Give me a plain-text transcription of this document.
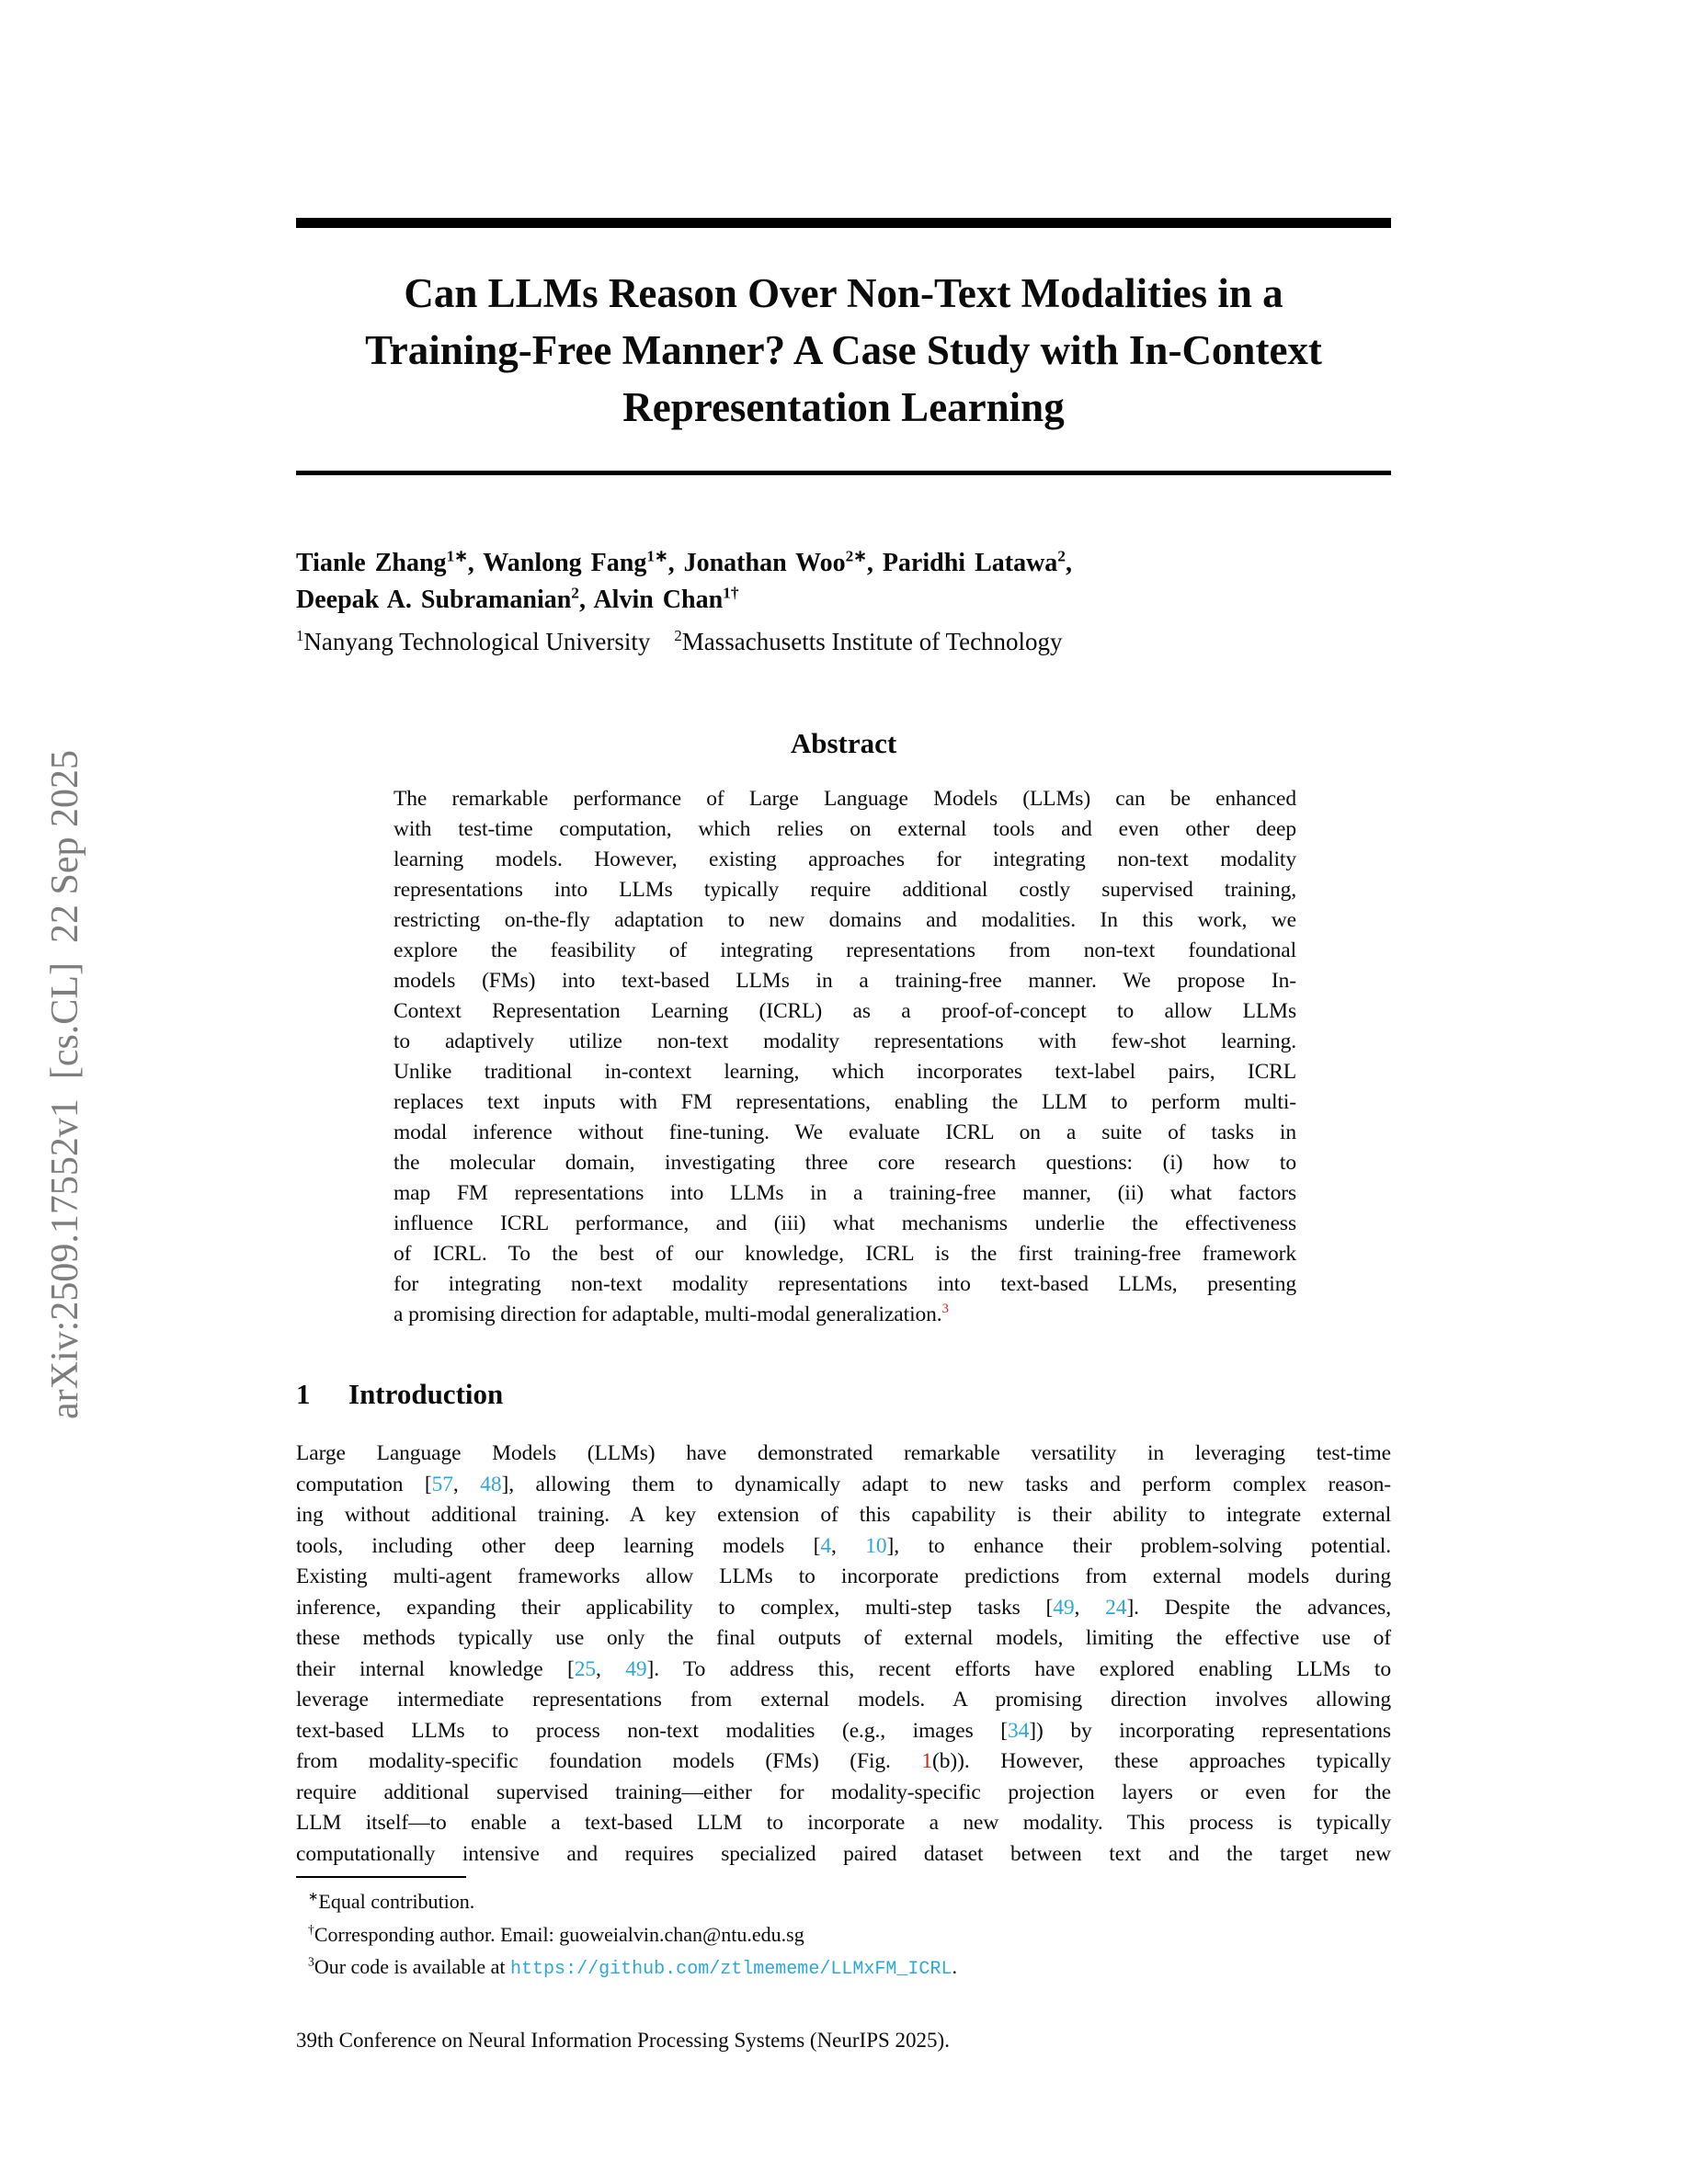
arXiv:2509.17552v1  [cs.CL]  22 Sep 2025
Can LLMs Reason Over Non-Text Modalities in a
Training-Free Manner? A Case Study with In-Context
Representation Learning
Tianle Zhang$^{1∗}$, Wanlong Fang$^{1∗}$, Jonathan Woo$^{2∗}$, Paridhi Latawa$^2$,
Deepak A. Subramanian$^2$, Alvin Chan$^{1\dagger}$
$^1$Nanyang Technological University $^2$Massachusetts Institute of Technology
Abstract
The remarkable performance of Large Language Models (LLMs) can be enhanced
with test-time computation, which relies on external tools and even other deep
learning models. However, existing approaches for integrating non-text modality
representations into LLMs typically require additional costly supervised training,
restricting on-the-fly adaptation to new domains and modalities. In this work, we
explore the feasibility of integrating representations from non-text foundational
models (FMs) into text-based LLMs in a training-free manner. We propose In-
Context Representation Learning (ICRL) as a proof-of-concept to allow LLMs
to adaptively utilize non-text modality representations with few-shot learning.
Unlike traditional in-context learning, which incorporates text-label pairs, ICRL
replaces text inputs with FM representations, enabling the LLM to perform multi-
modal inference without fine-tuning. We evaluate ICRL on a suite of tasks in
the molecular domain, investigating three core research questions: (i) how to
map FM representations into LLMs in a training-free manner, (ii) what factors
influence ICRL performance, and (iii) what mechanisms underlie the effectiveness
of ICRL. To the best of our knowledge, ICRL is the first training-free framework
for integrating non-text modality representations into text-based LLMs, presenting
a promising direction for adaptable, multi-modal generalization.$^3$
1 Introduction
Large Language Models (LLMs) have demonstrated remarkable versatility in leveraging test-time
computation [57, 48], allowing them to dynamically adapt to new tasks and perform complex reason-
ing without additional training. A key extension of this capability is their ability to integrate external
tools, including other deep learning models [4, 10], to enhance their problem-solving potential.
Existing multi-agent frameworks allow LLMs to incorporate predictions from external models during
inference, expanding their applicability to complex, multi-step tasks [49, 24]. Despite the advances,
these methods typically use only the final outputs of external models, limiting the effective use of
their internal knowledge [25, 49]. To address this, recent efforts have explored enabling LLMs to
leverage intermediate representations from external models. A promising direction involves allowing
text-based LLMs to process non-text modalities (e.g., images [34]) by incorporating representations
from modality-specific foundation models (FMs) (Fig. 1(b)). However, these approaches typically
require additional supervised training—either for modality-specific projection layers or even for the
LLM itself—to enable a text-based LLM to incorporate a new modality. This process is typically
computationally intensive and requires specialized paired dataset between text and the target new
∗Equal contribution.
†Corresponding author. Email: guoweialvin.chan@ntu.edu.sg
$^3$Our code is available at https://github.com/ztlmememe/LLMxFM_ICRL.
39th Conference on Neural Information Processing Systems (NeurIPS 2025).
